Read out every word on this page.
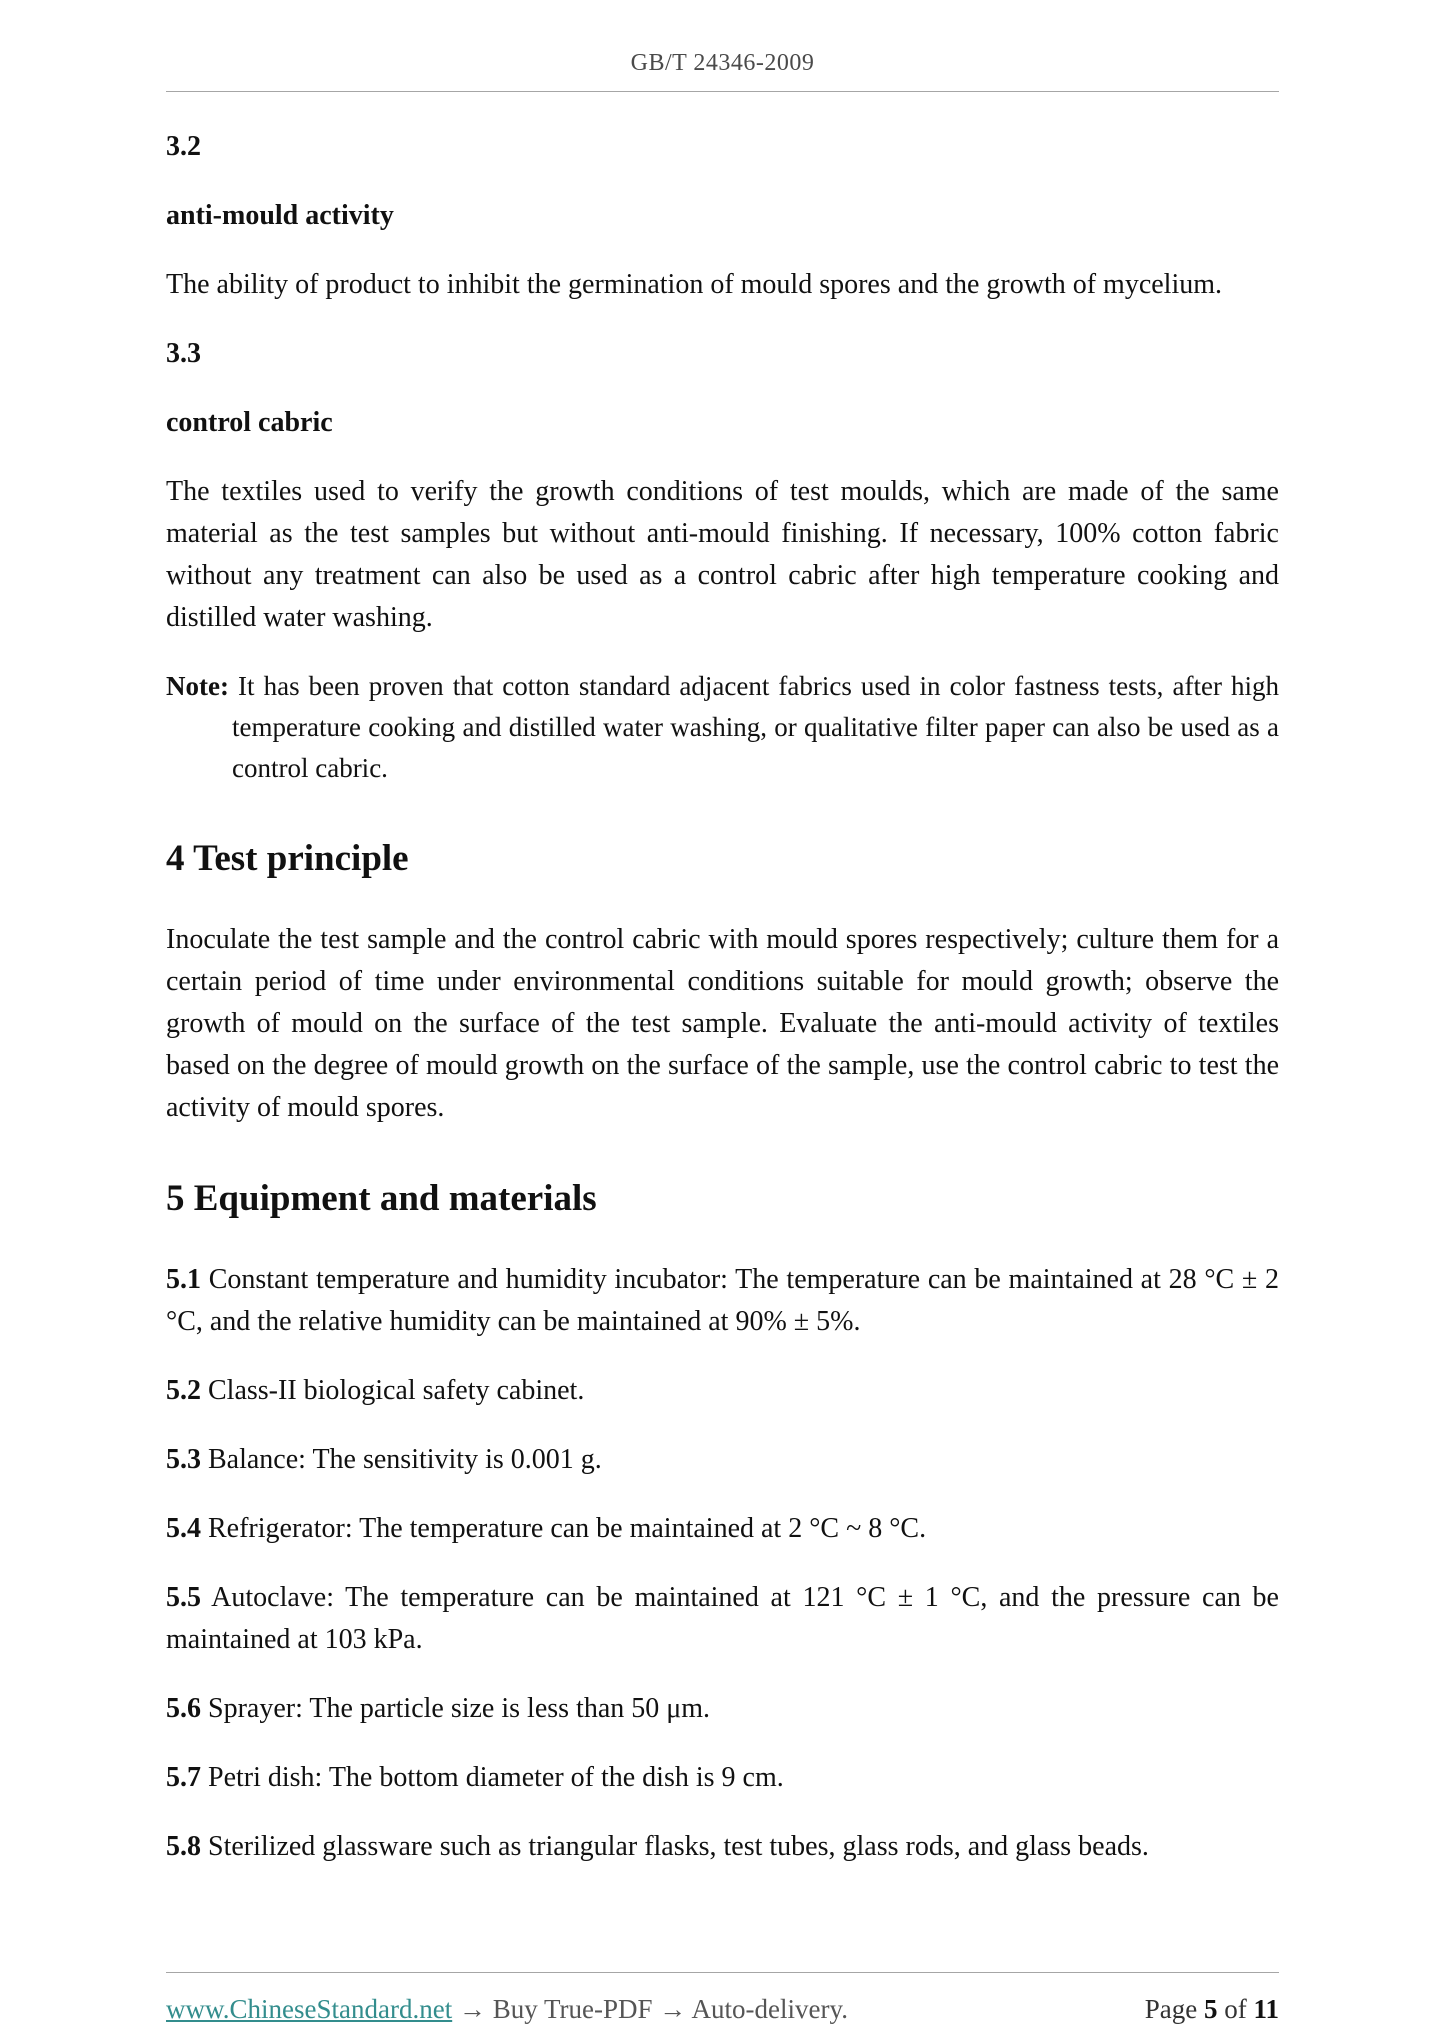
GB/T 24346-2009

3.2

anti-mould activity

The ability of product to inhibit the germination of mould spores and the growth of mycelium.

3.3

control cabric

The textiles used to verify the growth conditions of test moulds, which are made of the same material as the test samples but without anti-mould finishing. If necessary, 100% cotton fabric without any treatment can also be used as a control cabric after high temperature cooking and distilled water washing.

Note: It has been proven that cotton standard adjacent fabrics used in color fastness tests, after high temperature cooking and distilled water washing, or qualitative filter paper can also be used as a control cabric.

4 Test principle

Inoculate the test sample and the control cabric with mould spores respectively; culture them for a certain period of time under environmental conditions suitable for mould growth; observe the growth of mould on the surface of the test sample. Evaluate the anti-mould activity of textiles based on the degree of mould growth on the surface of the sample, use the control cabric to test the activity of mould spores.

5 Equipment and materials

5.1 Constant temperature and humidity incubator: The temperature can be maintained at 28 °C ± 2 °C, and the relative humidity can be maintained at 90% ± 5%.

5.2 Class-II biological safety cabinet.

5.3 Balance: The sensitivity is 0.001 g.

5.4 Refrigerator: The temperature can be maintained at 2 °C ~ 8 °C.

5.5 Autoclave: The temperature can be maintained at 121 °C ± 1 °C, and the pressure can be maintained at 103 kPa.

5.6 Sprayer: The particle size is less than 50 μm.

5.7 Petri dish: The bottom diameter of the dish is 9 cm.

5.8 Sterilized glassware such as triangular flasks, test tubes, glass rods, and glass beads.

www.ChineseStandard.net → Buy True-PDF → Auto-delivery.	Page 5 of 11
